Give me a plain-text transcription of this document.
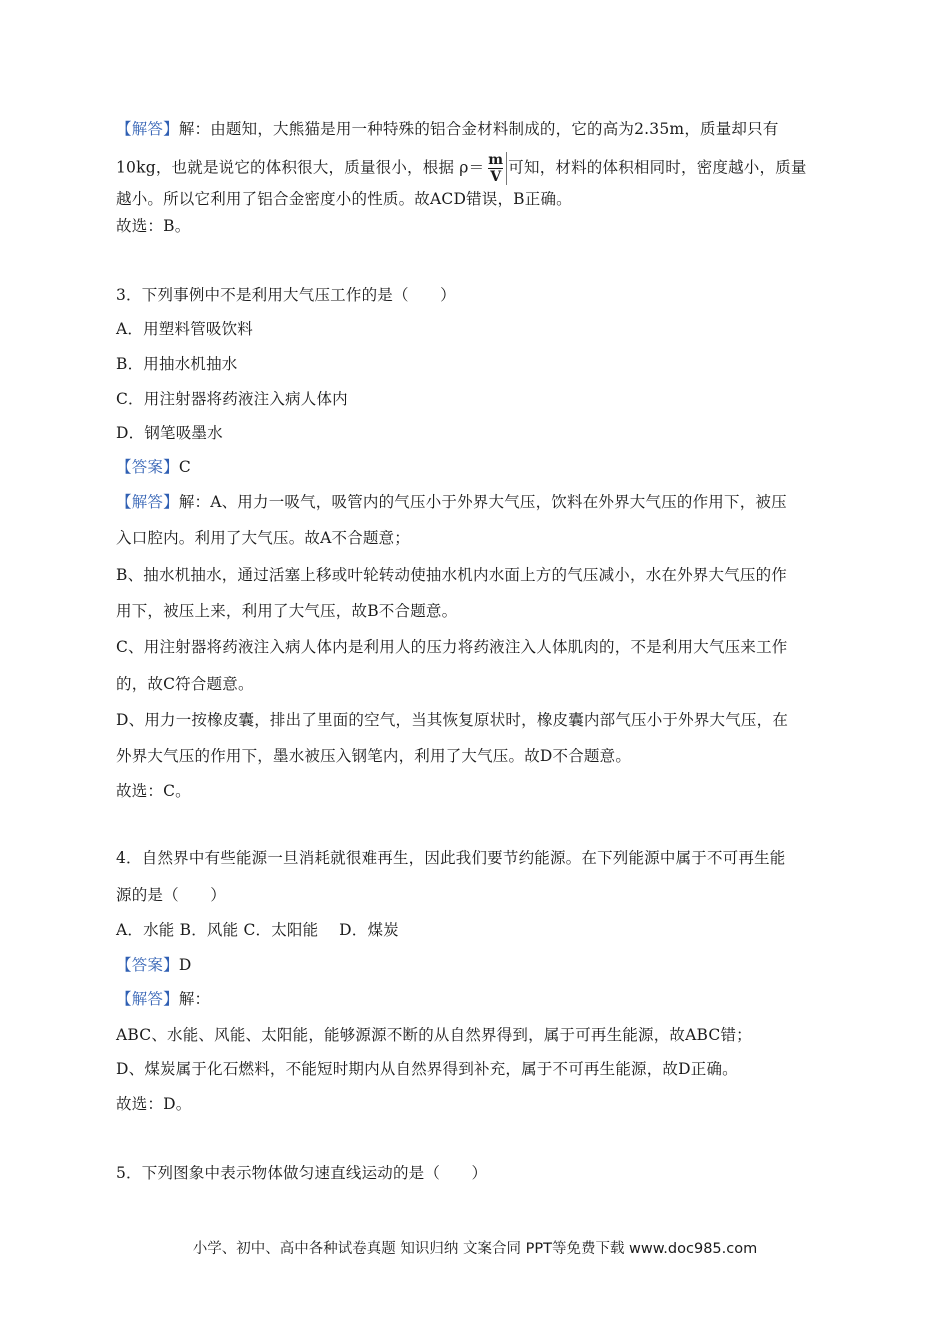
【解答】解：由题知，大熊猫是用一种特殊的铝合金材料制成的，它的高为2.35m，质量却只有
10kg，也就是说它的体积很大，质量很小，根据 $\rho= \frac{m}{V}$ 可知，材料的体积相同时，密度越小，质量
越小。所以它利用了铝合金密度小的性质。故ACD错误，B正确。
故选：B。
3．下列事例中不是利用大气压工作的是（　　）
A．用塑料管吸饮料
B．用抽水机抽水
C．用注射器将药液注入病人体内
D．钢笔吸墨水
【答案】C
【解答】解：A、用力一吸气，吸管内的气压小于外界大气压，饮料在外界大气压的作用下，被压
入口腔内。利用了大气压。故A不合题意；
B、抽水机抽水，通过活塞上移或叶轮转动使抽水机内水面上方的气压减小，水在外界大气压的作
用下，被压上来，利用了大气压，故B不合题意。
C、用注射器将药液注入病人体内是利用人的压力将药液注入人体肌肉的，不是利用大气压来工作
的，故C符合题意。
D、用力一按橡皮囊，排出了里面的空气，当其恢复原状时，橡皮囊内部气压小于外界大气压，在
外界大气压的作用下，墨水被压入钢笔内，利用了大气压。故D不合题意。
故选：C。
4．自然界中有些能源一旦消耗就很难再生，因此我们要节约能源。在下列能源中属于不可再生能
源的是（　　）
A．水能 B．风能 C．太阳能　 D．煤炭
【答案】D
【解答】解：
ABC、水能、风能、太阳能，能够源源不断的从自然界得到，属于可再生能源，故ABC错；
D、煤炭属于化石燃料，不能短时期内从自然界得到补充，属于不可再生能源，故D正确。
故选：D。
5．下列图象中表示物体做匀速直线运动的是（　　）
小学、初中、高中各种试卷真题 知识归纳 文案合同 PPT等免费下载 www.doc985.com
